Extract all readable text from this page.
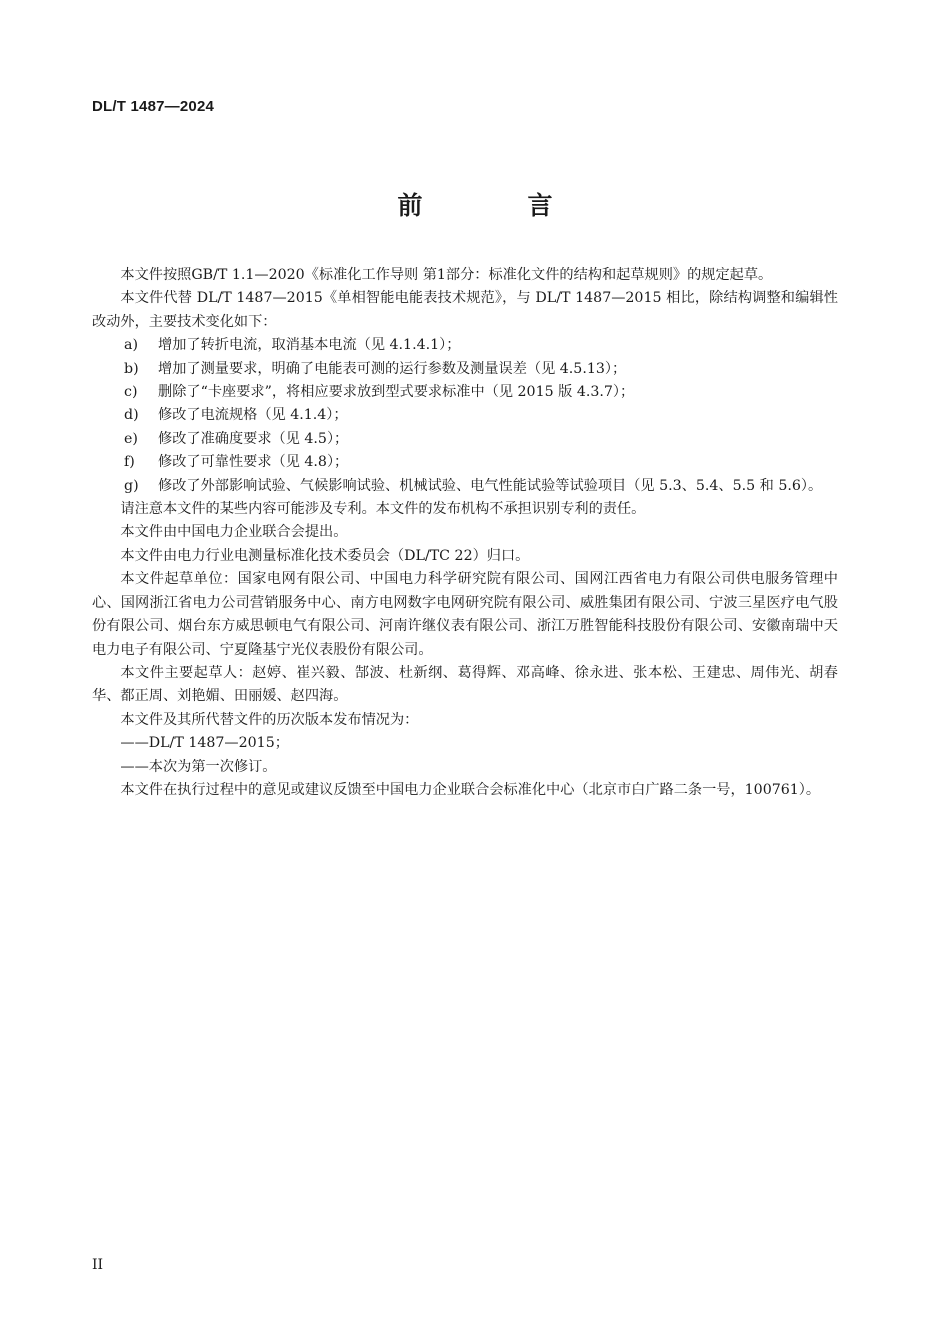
DL/T 1487—2024
前　言

本文件按照GB/T 1.1—2020《标准化工作导则 第1部分：标准化文件的结构和起草规则》的规定起草。

本文件代替 DL/T 1487—2015《单相智能电能表技术规范》，与 DL/T 1487—2015 相比，除结构调整和编辑性改动外，主要技术变化如下：

a)	增加了转折电流，取消基本电流（见 4.1.4.1）；
b)	增加了测量要求，明确了电能表可测的运行参数及测量误差（见 4.5.13）；
c)	删除了“卡座要求”，将相应要求放到型式要求标准中（见 2015 版 4.3.7）；
d)	修改了电流规格（见 4.1.4）；
e)	修改了准确度要求（见 4.5）；
f)	修改了可靠性要求（见 4.8）；
g)	修改了外部影响试验、气候影响试验、机械试验、电气性能试验等试验项目（见 5.3、5.4、5.5 和 5.6）。

请注意本文件的某些内容可能涉及专利。本文件的发布机构不承担识别专利的责任。

本文件由中国电力企业联合会提出。

本文件由电力行业电测量标准化技术委员会（DL/TC 22）归口。

本文件起草单位：国家电网有限公司、中国电力科学研究院有限公司、国网江西省电力有限公司供电服务管理中心、国网浙江省电力公司营销服务中心、南方电网数字电网研究院有限公司、威胜集团有限公司、宁波三星医疗电气股份有限公司、烟台东方威思顿电气有限公司、河南许继仪表有限公司、浙江万胜智能科技股份有限公司、安徽南瑞中天电力电子有限公司、宁夏隆基宁光仪表股份有限公司。

本文件主要起草人：赵婷、崔兴毅、郜波、杜新纲、葛得辉、邓高峰、徐永进、张本松、王建忠、周伟光、胡春华、都正周、刘艳媚、田丽媛、赵四海。

本文件及其所代替文件的历次版本发布情况为：

——DL/T 1487—2015；

——本次为第一次修订。

本文件在执行过程中的意见或建议反馈至中国电力企业联合会标准化中心（北京市白广路二条一号，100761）。

II
